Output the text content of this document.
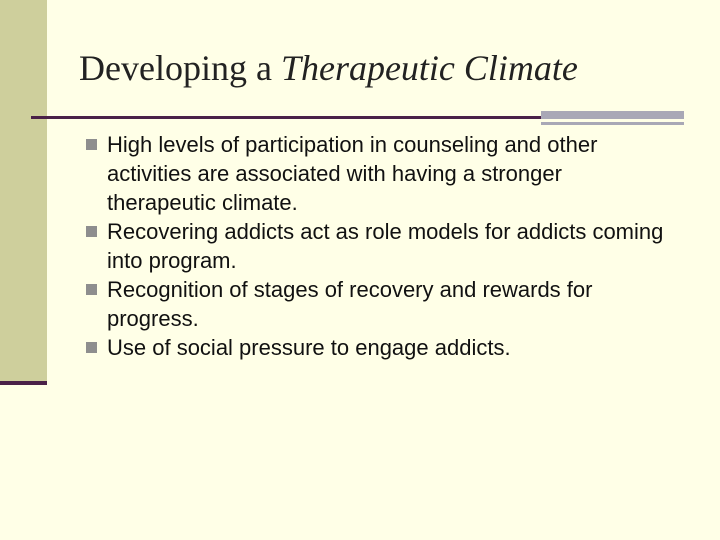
Developing a Therapeutic Climate
High levels of participation in counseling and other activities are associated with having a stronger therapeutic climate.
Recovering addicts act as role models for addicts coming into program.
Recognition of stages of recovery and rewards for progress.
Use of social pressure to engage addicts.
